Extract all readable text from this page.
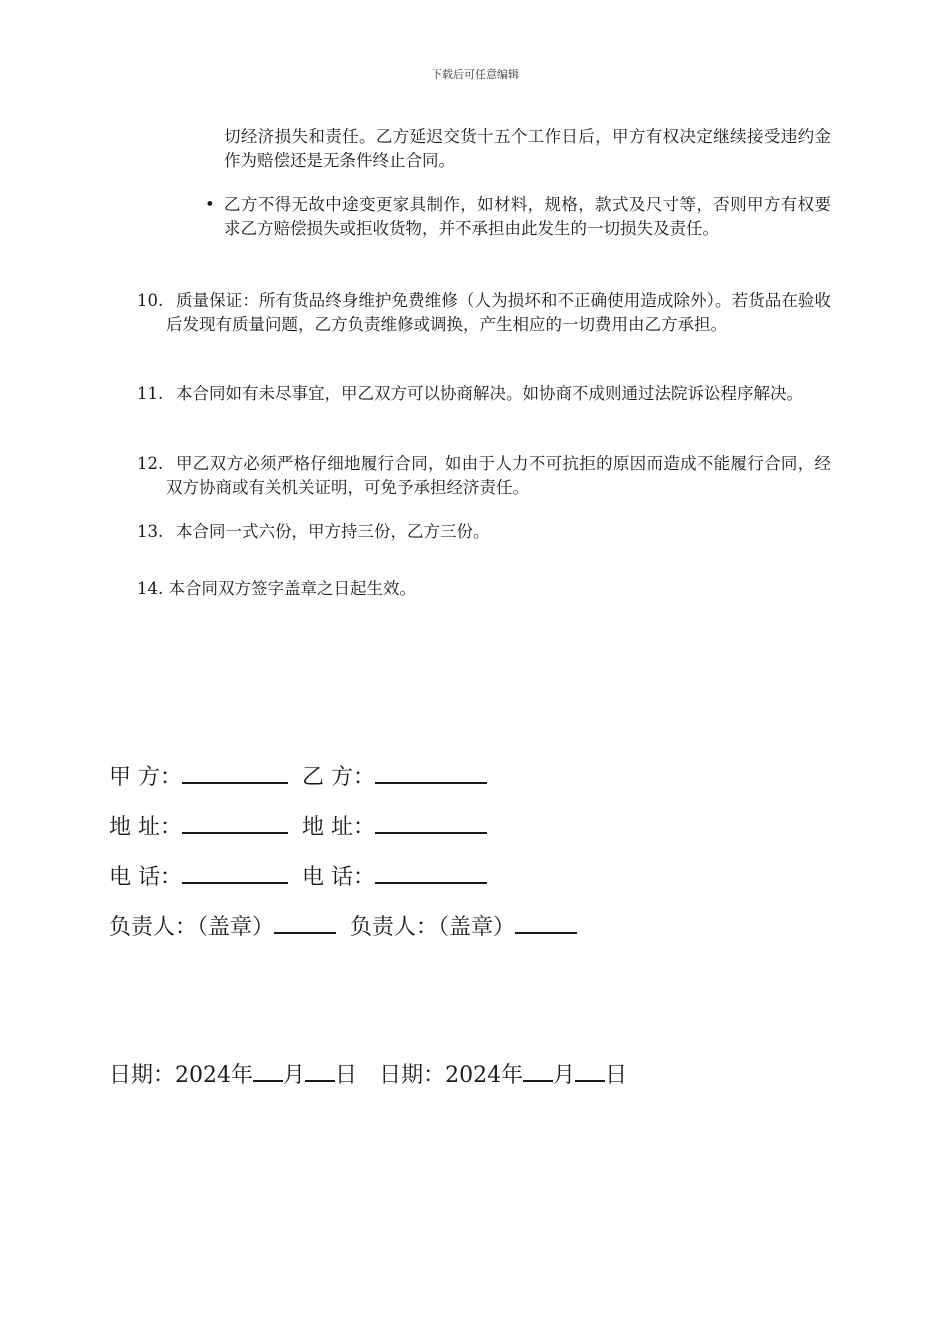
下载后可任意编辑
切经济损失和责任。乙方延迟交货十五个工作日后，甲方有权决定继续接受违约金作为赔偿还是无条件终止合同。
• 乙方不得无故中途变更家具制作，如材料，规格，款式及尺寸等，否则甲方有权要求乙方赔偿损失或拒收货物，并不承担由此发生的一切损失及责任。
10. 质量保证：所有货品终身维护免费维修（人为损坏和不正确使用造成除外）。若货品在验收后发现有质量问题，乙方负责维修或调换，产生相应的一切费用由乙方承担。
11. 本合同如有未尽事宜，甲乙双方可以协商解决。如协商不成则通过法院诉讼程序解决。
12. 甲乙双方必须严格仔细地履行合同，如由于人力不可抗拒的原因而造成不能履行合同，经双方协商或有关机关证明，可免予承担经济责任。
13. 本合同一式六份，甲方持三份，乙方三份。
14. 本合同双方签字盖章之日起生效。
甲 方：	乙 方：
地 址：	地 址：
电 话：	电 话：
负责人：（盖章）	负责人：（盖章）
日期：2024年 月 日 日期：2024年 月 日
